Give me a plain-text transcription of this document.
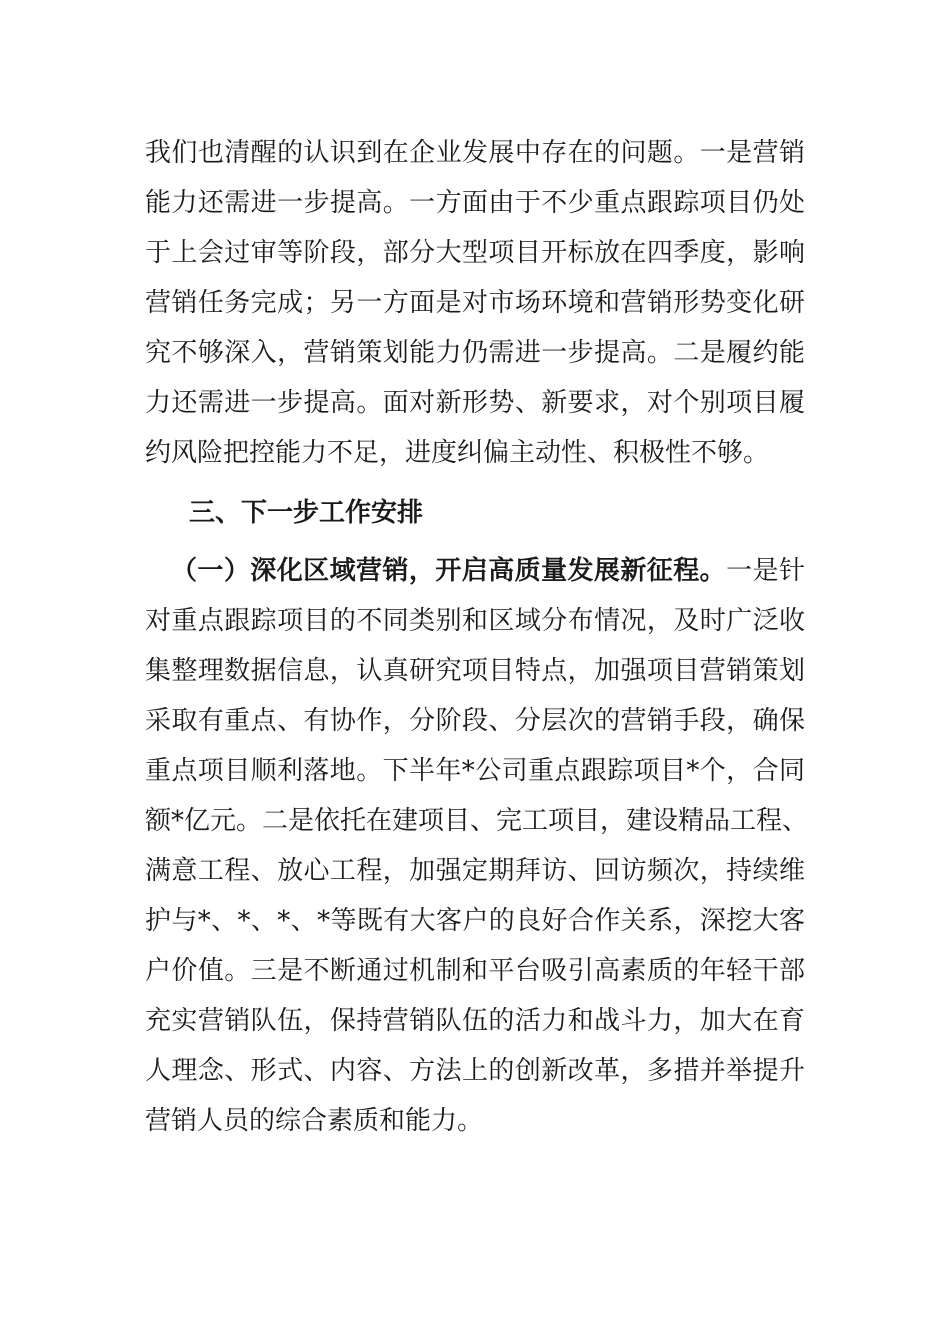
我们也清醒的认识到在企业发展中存在的问题。一是营销
能力还需进一步提高。一方面由于不少重点跟踪项目仍处
于上会过审等阶段，部分大型项目开标放在四季度，影响
营销任务完成；另一方面是对市场环境和营销形势变化研
究不够深入，营销策划能力仍需进一步提高。二是履约能
力还需进一步提高。面对新形势、新要求，对个别项目履
约风险把控能力不足，进度纠偏主动性、积极性不够。
三、下一步工作安排
（一）深化区域营销，开启高质量发展新征程。一是针
对重点跟踪项目的不同类别和区域分布情况，及时广泛收
集整理数据信息，认真研究项目特点，加强项目营销策划
采取有重点、有协作，分阶段、分层次的营销手段，确保
重点项目顺利落地。下半年*公司重点跟踪项目*个，合同
额*亿元。二是依托在建项目、完工项目，建设精品工程、
满意工程、放心工程，加强定期拜访、回访频次，持续维
护与*、*、*、*等既有大客户的良好合作关系，深挖大客
户价值。三是不断通过机制和平台吸引高素质的年轻干部
充实营销队伍，保持营销队伍的活力和战斗力，加大在育
人理念、形式、内容、方法上的创新改革，多措并举提升
营销人员的综合素质和能力。
